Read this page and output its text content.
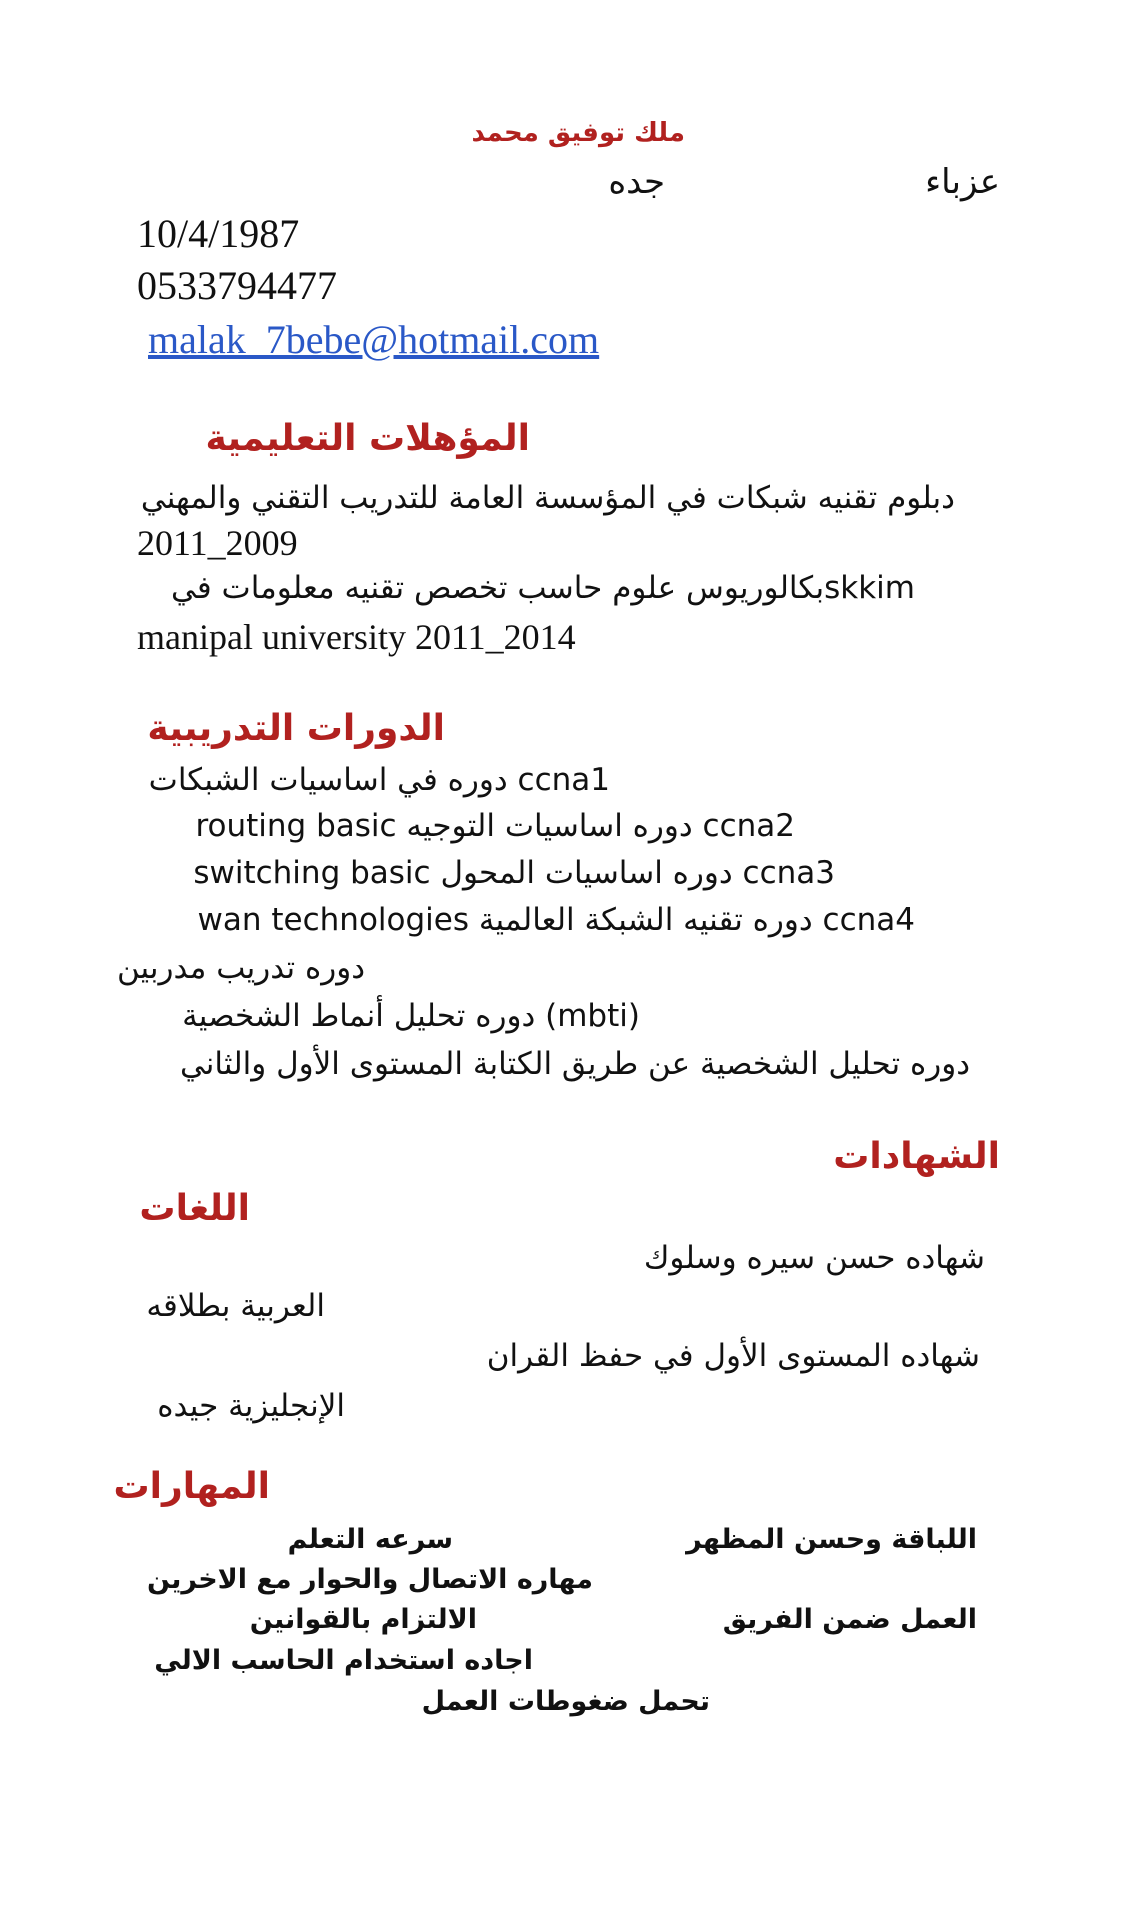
ملك توفيق محمد
عزباء
جده
10/4/1987
0533794477
malak_7bebe@hotmail.com
المؤهلات التعليمية
دبلوم تقنيه شبكات في المؤسسة العامة للتدريب التقني والمهني
2011_2009
skkimبكالوريوس علوم حاسب تخصص تقنيه معلومات في
manipal university 2011_2014
الدورات التدريبية
ccna1 دوره في اساسيات الشبكات
ccna2 دوره اساسيات التوجيه routing basic
ccna3 دوره اساسيات المحول switching basic
ccna4 دوره تقنيه الشبكة العالمية wan technologies
دوره تدريب مدربين
(mbti) دوره تحليل أنماط الشخصية
دوره تحليل الشخصية عن طريق الكتابة المستوى الأول والثاني
الشهادات
شهاده حسن سيره وسلوك
شهاده المستوى الأول في حفظ القران
اللغات
العربية بطلاقه
الإنجليزية جيده
المهارات
اللباقة وحسن المظهر
سرعه التعلم
مهاره الاتصال والحوار مع الاخرين
العمل ضمن الفريق
الالتزام بالقوانين
اجاده استخدام الحاسب الالي
تحمل ضغوطات العمل
